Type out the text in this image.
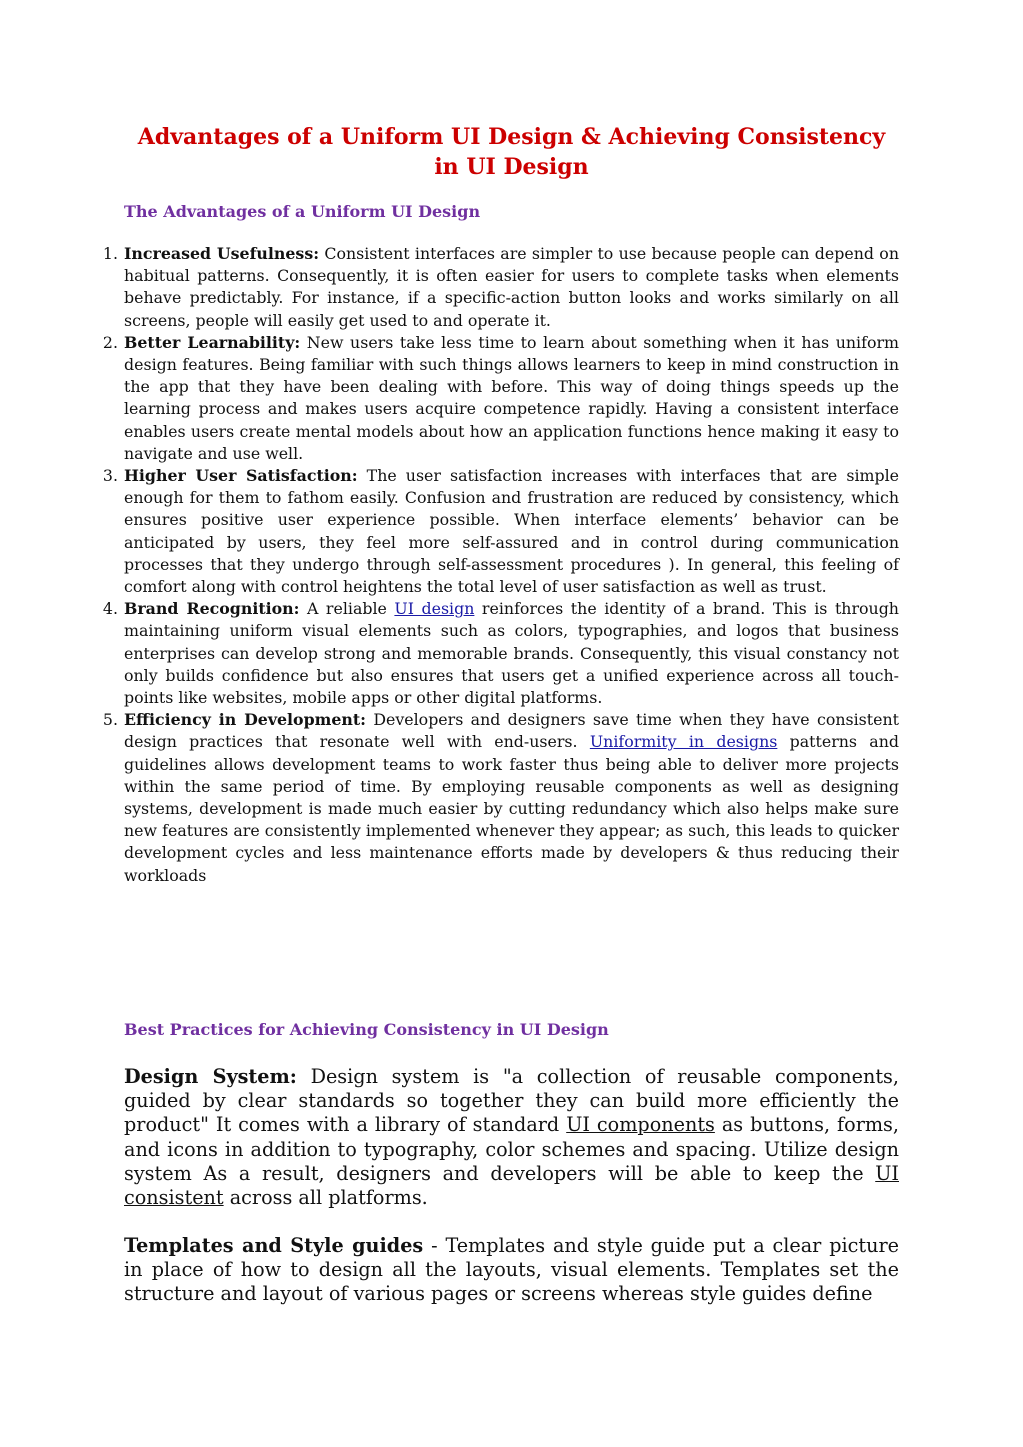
Advantages of a Uniform UI Design & Achieving Consistency
in UI Design
The Advantages of a Uniform UI Design
1. Increased Usefulness: Consistent interfaces are simpler to use because people can depend on habitual patterns. Consequently, it is often easier for users to complete tasks when elements behave predictably. For instance, if a specific-action button looks and works similarly on all screens, people will easily get used to and operate it.
2. Better Learnability: New users take less time to learn about something when it has uniform design features. Being familiar with such things allows learners to keep in mind construction in the app that they have been dealing with before. This way of doing things speeds up the learning process and makes users acquire competence rapidly. Having a consistent interface enables users create mental models about how an application functions hence making it easy to navigate and use well.
3. Higher User Satisfaction: The user satisfaction increases with interfaces that are simple enough for them to fathom easily. Confusion and frustration are reduced by consistency, which ensures positive user experience possible. When interface elements’ behavior can be anticipated by users, they feel more self-assured and in control during communication processes that they undergo through self-assessment procedures ). In general, this feeling of comfort along with control heightens the total level of user satisfaction as well as trust.
4. Brand Recognition: A reliable UI design reinforces the identity of a brand. This is through maintaining uniform visual elements such as colors, typographies, and logos that business enterprises can develop strong and memorable brands. Consequently, this visual constancy not only builds confidence but also ensures that users get a unified experience across all touch-points like websites, mobile apps or other digital platforms.
5. Efficiency in Development: Developers and designers save time when they have consistent design practices that resonate well with end-users. Uniformity in designs patterns and guidelines allows development teams to work faster thus being able to deliver more projects within the same period of time. By employing reusable components as well as designing systems, development is made much easier by cutting redundancy which also helps make sure new features are consistently implemented whenever they appear; as such, this leads to quicker development cycles and less maintenance efforts made by developers & thus reducing their workloads
Best Practices for Achieving Consistency in UI Design

Design System: Design system is "a collection of reusable components, guided by clear standards so together they can build more efficiently the product" It comes with a library of standard UI components as buttons, forms, and icons in addition to typography, color schemes and spacing. Utilize design system As a result, designers and developers will be able to keep the UI consistent across all platforms.

Templates and Style guides - Templates and style guide put a clear picture in place of how to design all the layouts, visual elements. Templates set the structure and layout of various pages or screens whereas style guides define
